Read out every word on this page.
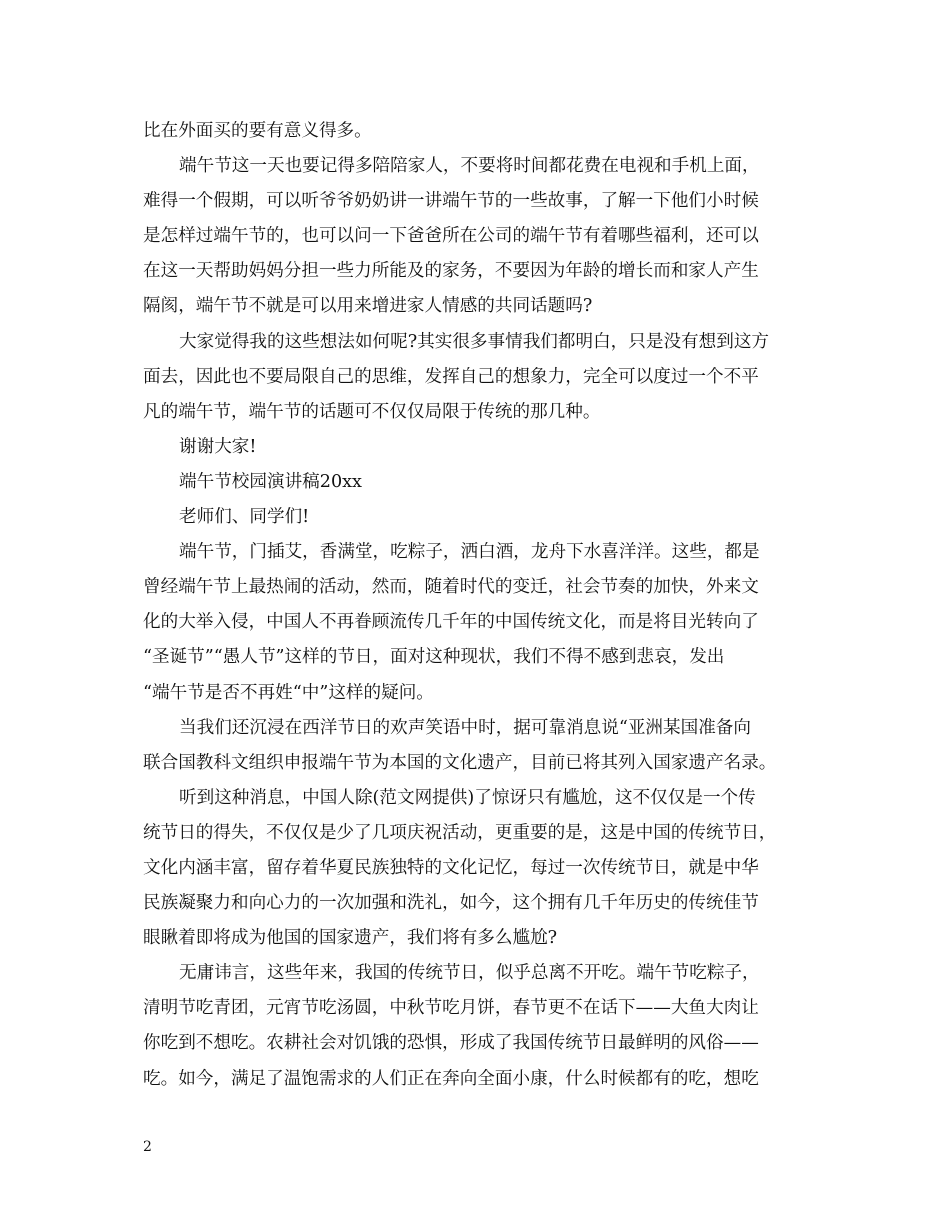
比在外面买的要有意义得多。
端午节这一天也要记得多陪陪家人，不要将时间都花费在电视和手机上面，
难得一个假期，可以听爷爷奶奶讲一讲端午节的一些故事，了解一下他们小时候
是怎样过端午节的，也可以问一下爸爸所在公司的端午节有着哪些福利，还可以
在这一天帮助妈妈分担一些力所能及的家务，不要因为年龄的增长而和家人产生
隔阂，端午节不就是可以用来增进家人情感的共同话题吗?
大家觉得我的这些想法如何呢?其实很多事情我们都明白，只是没有想到这方
面去，因此也不要局限自己的思维，发挥自己的想象力，完全可以度过一个不平
凡的端午节，端午节的话题可不仅仅局限于传统的那几种。
谢谢大家!
端午节校园演讲稿20xx
老师们、同学们!
端午节，门插艾，香满堂，吃粽子，洒白酒，龙舟下水喜洋洋。这些，都是
曾经端午节上最热闹的活动，然而，随着时代的变迁，社会节奏的加快，外来文
化的大举入侵，中国人不再眷顾流传几千年的中国传统文化，而是将目光转向了
“圣诞节”“愚人节”这样的节日，面对这种现状，我们不得不感到悲哀，发出
“端午节是否不再姓“中”这样的疑问。
当我们还沉浸在西洋节日的欢声笑语中时，据可靠消息说“亚洲某国准备向
联合国教科文组织申报端午节为本国的文化遗产，目前已将其列入国家遗产名录。
听到这种消息，中国人除(范文网提供)了惊讶只有尴尬，这不仅仅是一个传
统节日的得失，不仅仅是少了几项庆祝活动，更重要的是，这是中国的传统节日，
文化内涵丰富，留存着华夏民族独特的文化记忆，每过一次传统节日，就是中华
民族凝聚力和向心力的一次加强和洗礼，如今，这个拥有几千年历史的传统佳节
眼瞅着即将成为他国的国家遗产，我们将有多么尴尬?
无庸讳言，这些年来，我国的传统节日，似乎总离不开吃。端午节吃粽子，
清明节吃青团，元宵节吃汤圆，中秋节吃月饼，春节更不在话下——大鱼大肉让
你吃到不想吃。农耕社会对饥饿的恐惧，形成了我国传统节日最鲜明的风俗——
吃。如今，满足了温饱需求的人们正在奔向全面小康，什么时候都有的吃，想吃
2
